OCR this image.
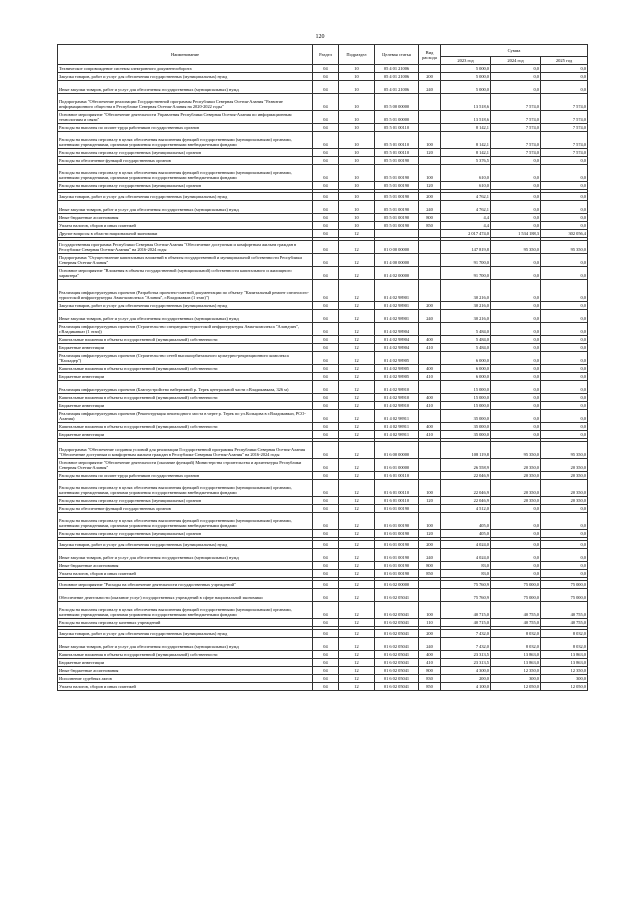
120
Наименование	Раздел	Подраздел	Целевая статья	Вид расхода	Сумма		
					2023 год	2024 год	2025 год
Техническое сопровождение системы электронного документооборота	04	10	05 4 01 21006		5 000,0	0,0	0,0
Закупка товаров, работ и услуг для обеспечения государственных (муниципальных) нужд	04	10	05 4 01 21006	200	5 000,0	0,0	0,0
Иные закупки товаров, работ и услуг для обеспечения государственных (муниципальных) нужд	04	10	05 4 01 21006	240	5 000,0	0,0	0,0
Подпрограмма "Обеспечение реализации Государственной программы Республики Северная Осетия-Алания "Развитие информационного общества в Республике Северная Осетия-Алания на 2020-2022 годы"	04	10	05 5 00 00000		13 518,6	7 574,0	7 574,0
Основное мероприятие "Обеспечение деятельности Управления Республики Северная Осетия-Алания по информационным технологиям и связи"	04	10	05 5 01 00000		13 518,6	7 574,0	7 574,0
Расходы на выплаты по оплате труда работников государственных органов	04	10	05 5 01 00110		8 142,1	7 574,0	7 574,0
Расходы на выплаты персоналу в целях обеспечения выполнения функций государственными (муниципальными) органами, казенными учреждениями, органами управления государственными внебюджетными фондами	04	10	05 5 01 00110	100	8 142,1	7 574,0	7 574,0
Расходы на выплаты персоналу государственных (муниципальных) органов	04	10	05 5 01 00110	120	8 142,1	7 574,0	7 574,0
Расходы на обеспечение функций государственных органов	04	10	05 5 01 00190		5 376,5	0,0	0,0
Расходы на выплаты персоналу в целях обеспечения выполнения функций государственными (муниципальными) органами, казенными учреждениями, органами управления государственными внебюджетными фондами	04	10	05 5 01 00190	100	610,0	0,0	0,0
Расходы на выплаты персоналу государственных (муниципальных) органов	04	10	05 5 01 00190	120	610,0	0,0	0,0

Закупка товаров, работ и услуг для обеспечения государственных (муниципальных) нужд	04	10	05 5 01 00190	200	4 762,1	0,0	0,0
Иные закупки товаров, работ и услуг для обеспечения государственных (муниципальных) нужд	04	10	05 5 01 00190	240	4 762,1	0,0	0,0
Иные бюджетные ассигнования	04	10	05 5 01 00190	800	4,4	0,0	0,0
Уплата налогов, сборов и иных платежей	04	10	05 5 01 00190	850	4,4	0,0	0,0
Другие вопросы в области национальной экономики	04	12			2 017 474,0	1 534 188,3	302 056,4

Государственная программа Республики Северная Осетия-Алания "Обеспечение доступным и комфортным жильем граждан в Республике Северная Осетия-Алания" на 2016-2024 годы	04	12	01 0 00 00000		147 819,8	95 350,0	95 350,0
Подпрограмма "Осуществление капитальных вложений в объекты государственной и муниципальной собственности Республики Северная Осетия-Алания"	04	12	01 4 00 00000		91 700,0	0,0	0,0
Основное мероприятие "Вложения в объекты государственной (муниципальной) собственности капитального и жилищного характера"	04	12	01 4 02 00000		91 700,0	0,0	0,0
Реализация инфраструктурных проектов (Разработка проектно-сметной документации по объекту "Капитальный ремонт спелеолого-туристской инфраструктуры Авиа-комплекса "Алания", г.Владикавказ (1 этап)")	04	12	01 4 02 98901		30 216,0	0,0	0,0
Закупка товаров, работ и услуг для обеспечения государственных (муниципальных) нужд	04	12	01 4 02 98901	200	30 216,0	0,0	0,0
Иные закупки товаров, работ и услуг для обеспечения государственных (муниципальных) нужд	04	12	01 4 02 98901	240	30 216,0	0,0	0,0
Реализация инфраструктурных проектов (Строительство спецмедико-туристской инфраструктуры Авиа-комплекса "Аландчич", г.Владикавказ (1 этап))	04	12	01 4 02 98904		5 484,0	0,0	0,0
Капитальные вложения в объекты государственной (муниципальной) собственности	04	12	01 4 02 98904	400	5 484,0	0,0	0,0
Бюджетные инвестиции	04	12	01 4 02 98904	410	5 484,0	0,0	0,0
Реализация инфраструктурных проектов (Строительство сетей высокоорбитального культурно-рекреационного комплекса "Каскадер")	04	12	01 4 02 98905		6 000,0	0,0	0,0
Капитальные вложения в объекты государственной (муниципальной) собственности	04	12	01 4 02 98905	400	6 000,0	0,0	0,0
Бюджетные инвестиции	04	12	01 4 02 98905	410	6 000,0	0,0	0,0
Реализация инфраструктурных проектов (Благоустройство набережной р. Терек центральной части г.Владикавказа, 326 м)	04	12	01 4 02 98910		15 000,0	0,0	0,0
Капитальные вложения в объекты государственной (муниципальной) собственности	04	12	01 4 02 98910	400	15 000,0	0,0	0,0
Бюджетные инвестиции	04	12	01 4 02 98910	410	15 000,0	0,0	0,0
Реализация инфраструктурных проектов (Реконструкция пешеходного моста в черте р. Терек по ул.Кольцова в г.Владикавказ, РСО-Алания)	04	12	01 4 02 98911		35 000,0	0,0	0,0
Капитальные вложения в объекты государственной (муниципальной) собственности	04	12	01 4 02 98911	400	35 000,0	0,0	0,0
Бюджетные инвестиции	04	12	01 4 02 98911	410	35 000,0	0,0	0,0

Подпрограмма "Обеспечение создания условий для реализации Государственной программы Республики Северная Осетия-Алания "Обеспечение доступным и комфортным жильем граждан в Республике Северная Осетия-Алания" на 2016-2024 годы	04	12	01 6 00 00000		108 119,8	95 350,0	95 350,0
Основное мероприятие "Обеспечение деятельности (оказание функций) Министерства строительства и архитектуры Республики Северная Осетия-Алания"	04	12	01 6 01 00000		26 558,9	20 350,0	20 350,0
Расходы на выплаты по оплате труда работников государственных органов	04	12	01 6 01 00110		22 046,9	20 350,0	20 350,0
Расходы на выплаты персоналу в целях обеспечения выполнения функций государственными (муниципальными) органами, казенными учреждениями, органами управления государственными внебюджетными фондами	04	12	01 6 01 00110	100	22 046,9	20 350,0	20 350,0
Расходы на выплаты персоналу государственных (муниципальных) органов	04	12	01 6 01 00110	120	22 046,9	20 350,0	20 350,0
Расходы на обеспечение функций государственных органов	04	12	01 6 01 00190		4 512,0	0,0	0,0
Расходы на выплаты персоналу в целях обеспечения выполнения функций государственными (муниципальными) органами, казенными учреждениями, органами управления государственными внебюджетными фондами	04	12	01 6 01 00190	100	405,0	0,0	0,0
Расходы на выплаты персоналу государственных (муниципальных) органов	04	12	01 6 01 00190	120	405,0	0,0	0,0

Закупка товаров, работ и услуг для обеспечения государственных (муниципальных) нужд	04	12	01 6 01 00190	200	4 024,0	0,0	0,0
Иные закупки товаров, работ и услуг для обеспечения государственных (муниципальных) нужд	04	12	01 6 01 00190	240	4 024,0	0,0	0,0
Иные бюджетные ассигнования	04	12	01 6 01 00190	800	83,0	0,0	0,0
Уплата налогов, сборов и иных платежей	04	12	01 6 01 00190	850	83,0	0,0	0,0

Основное мероприятие "Расходы на обеспечение деятельности государственных учреждений"	04	12	01 6 02 00000		75 760,9	75 000,0	75 000,0
Обеспечение деятельности (оказание услуг) государственных учреждений в сфере национальной экономики	04	12	01 6 02 05041		75 760,9	75 000,0	75 000,0
Расходы на выплаты персоналу в целях обеспечения выполнения функций государственными (муниципальными) органами, казенными учреждениями, органами управления государственными внебюджетными фондами	04	12	01 6 02 05041	100	40 715,0	40 755,0	40 755,0
Расходы на выплаты персоналу казенных учреждений	04	12	01 6 02 05041	110	40 715,0	40 755,0	40 755,0

Закупка товаров, работ и услуг для обеспечения государственных (муниципальных) нужд	04	12	01 6 02 05041	200	7 432,0	8 032,0	8 032,0
Иные закупки товаров, работ и услуг для обеспечения государственных (муниципальных) нужд	04	12	01 6 02 05041	240	7 432,0	8 032,0	8 032,0
Капитальные вложения в объекты государственной (муниципальной) собственности	04	12	01 6 02 05041	400	23 313,5	13 863,0	13 863,0
Бюджетные инвестиции	04	12	01 6 02 05041	410	23 313,5	13 863,0	13 863,0
Иные бюджетные ассигнования	04	12	01 6 02 05041	800	4 300,0	12 350,0	12 350,0
Исполнение судебных актов	04	12	01 6 02 05041	830	200,0	300,0	300,0
Уплата налогов, сборов и иных платежей	04	12	01 6 02 05041	850	4 100,0	12 050,0	12 050,0
